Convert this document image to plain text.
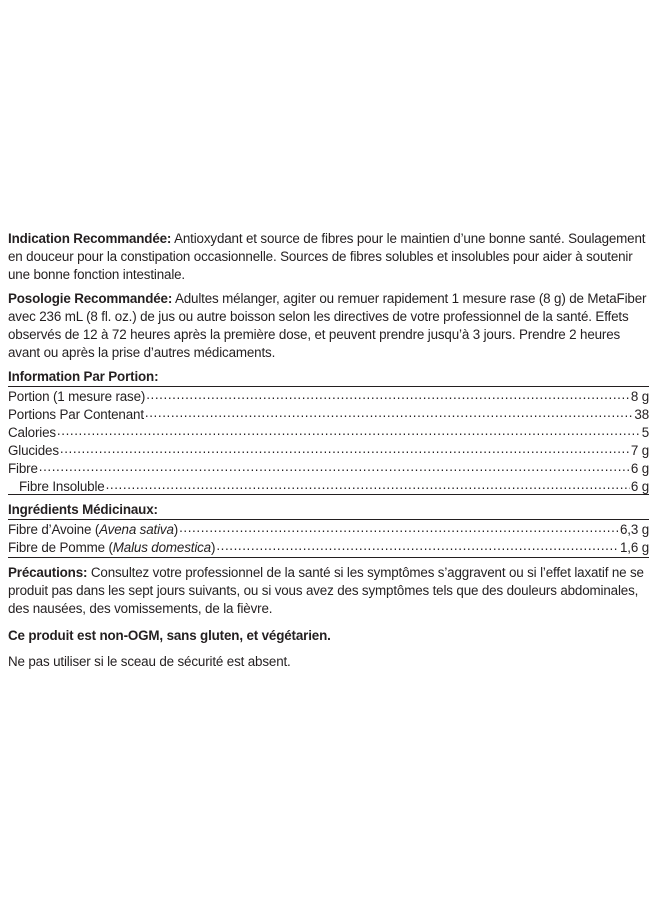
Indication Recommandée: Antioxydant et source de fibres pour le maintien d’une bonne santé. Soulagement en douceur pour la constipation occasionnelle. Sources de fibres solubles et insolubles pour aider à soutenir une bonne fonction intestinale.

Posologie Recommandée: Adultes mélanger, agiter ou remuer rapidement 1 mesure rase (8 g) de MetaFiber avec 236 mL (8 fl. oz.) de jus ou autre boisson selon les directives de votre professionnel de la santé. Effets observés de 12 à 72 heures après la première dose, et peuvent prendre jusqu’à 3 jours. Prendre 2 heures avant ou après la prise d’autres médicaments.

Information Par Portion:
Portion (1 mesure rase) .....	8 g
Portions Par Contenant .....	38
Calories .....	5
Glucides .....	7 g
Fibre .....	6 g
Fibre Insoluble .....	6 g
Ingrédients Médicinaux:
Fibre d’Avoine (Avena sativa) .....	6,3 g
Fibre de Pomme (Malus domestica) .....	1,6 g

Précautions: Consultez votre professionnel de la santé si les symptômes s’aggravent ou si l’effet laxatif ne se produit pas dans les sept jours suivants, ou si vous avez des symptômes tels que des douleurs abdominales, des nausées, des vomissements, de la fièvre.

Ce produit est non-OGM, sans gluten, et végétarien.

Ne pas utiliser si le sceau de sécurité est absent.
